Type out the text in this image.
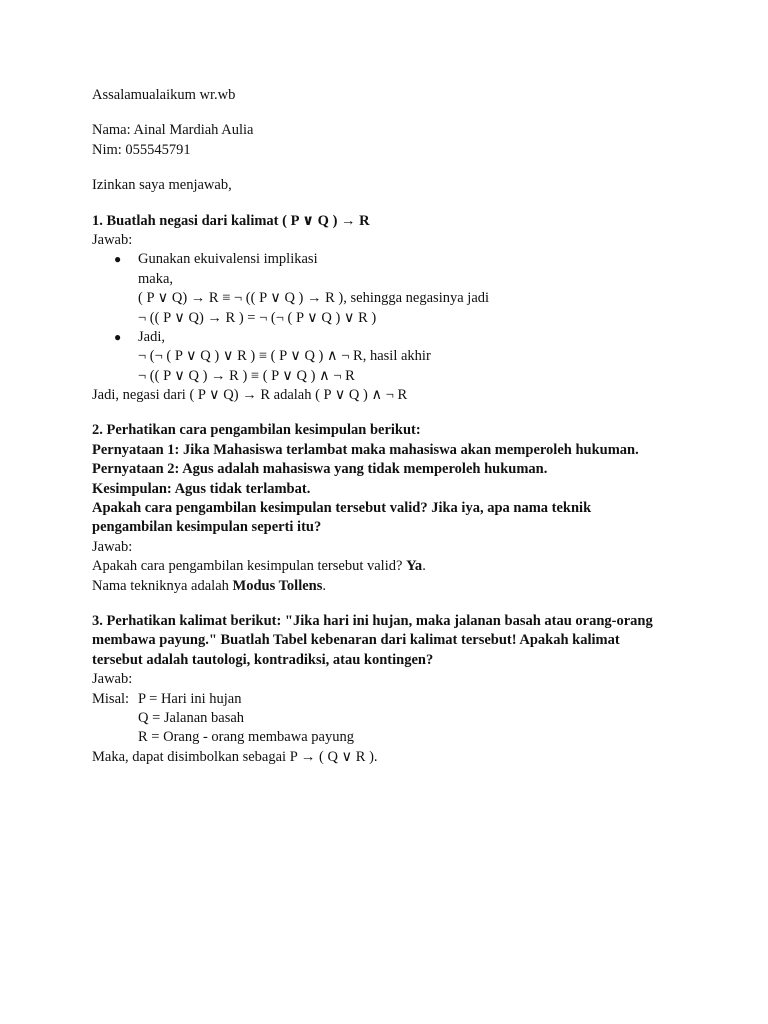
Assalamualaikum wr.wb
Nama: Ainal Mardiah Aulia
Nim: 055545791
Izinkan saya menjawab,
1. Buatlah negasi dari kalimat ( P ∨ Q ) → R
Jawab:
● Gunakan ekuivalensi implikasi
maka,
( P ∨ Q) → R ≡ ¬ (( P ∨ Q ) → R ), sehingga negasinya jadi
¬ (( P ∨ Q) → R ) = ¬ (¬ ( P ∨ Q ) ∨ R )
● Jadi,
¬ (¬ ( P ∨ Q ) ∨ R ) ≡ ( P ∨ Q ) ∧ ¬ R, hasil akhir
¬ (( P ∨ Q ) → R ) ≡ ( P ∨ Q ) ∧ ¬ R
Jadi, negasi dari ( P ∨ Q) → R adalah ( P ∨ Q ) ∧ ¬ R
2. Perhatikan cara pengambilan kesimpulan berikut:
Pernyataan 1: Jika Mahasiswa terlambat maka mahasiswa akan memperoleh hukuman.
Pernyataan 2: Agus adalah mahasiswa yang tidak memperoleh hukuman.
Kesimpulan: Agus tidak terlambat.
Apakah cara pengambilan kesimpulan tersebut valid? Jika iya, apa nama teknik pengambilan kesimpulan seperti itu?
Jawab:
Apakah cara pengambilan kesimpulan tersebut valid? Ya.
Nama tekniknya adalah Modus Tollens.
3. Perhatikan kalimat berikut: "Jika hari ini hujan, maka jalanan basah atau orang-orang membawa payung." Buatlah Tabel kebenaran dari kalimat tersebut! Apakah kalimat tersebut adalah tautologi, kontradiksi, atau kontingen?
Jawab:
Misal: P = Hari ini hujan
Q = Jalanan basah
R = Orang - orang membawa payung
Maka, dapat disimbolkan sebagai P → ( Q ∨ R ).
